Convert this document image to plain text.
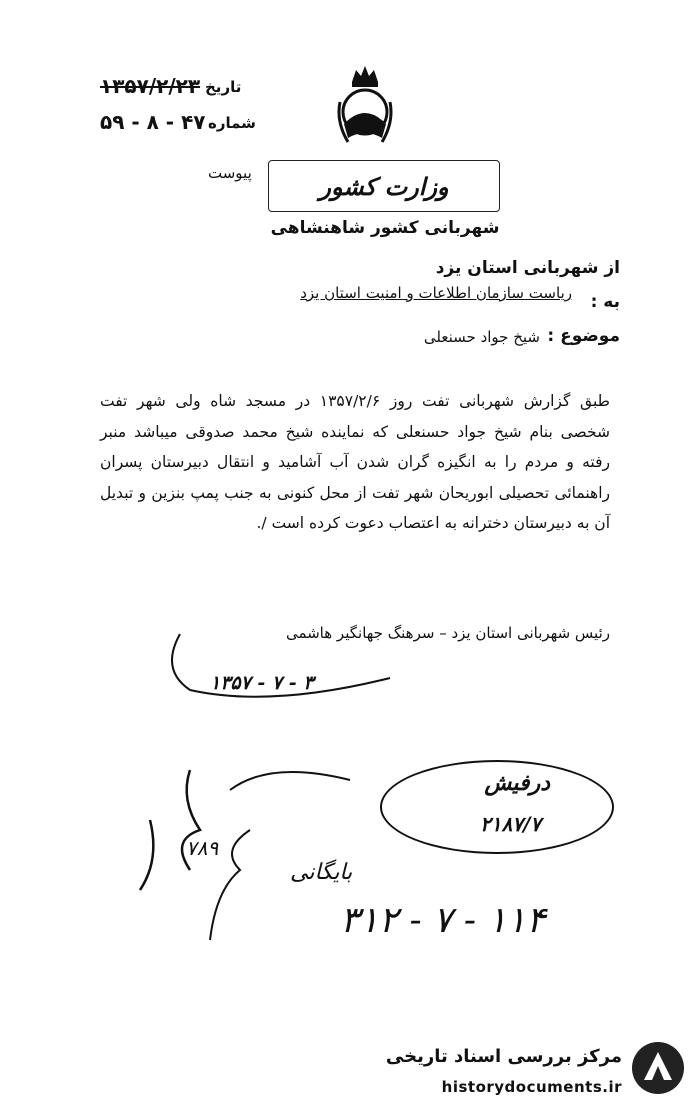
تاریخ
۱۳۵۷/۲/۲۳
شماره
۵۹ - ۸ - ۴۷
پیوست	وزارت کشور
شهربانی کشور شاهنشاهی
از شهربانی استان یزد
به :
ریاست سازمان اطلاعات و امنیت استان یزد
موضوع :
شیخ جواد حسنعلی
طبق گزارش شهربانی تفت روز ۱۳۵۷/۲/۶ در مسجد شاه ولی شهر تفت شخصی بنام شیخ جواد حسنعلی که نماینده شیخ محمد صدوقی میباشد منبر رفته و مردم را به انگیزه گران شدن آب آشامید و انتقال دبیرستان پسران راهنمائی تحصیلی ابوریحان شهر تفت از محل کنونی به جنب پمپ بنزین و تبدیل آن به دبیرستان دخترانه به اعتصاب دعوت کرده است /.
رئیس شهربانی استان یزد – سرهنگ جهانگیر هاشمی
۱۳۵۷ - ۷ - ۳
درفیش
۲۱۸۷/۷
بایگانی
۳۱۲ - ۷ - ۱۱۴
۷۸۹
مرکز بررسی اسناد تاریخی
historydocuments.ir
